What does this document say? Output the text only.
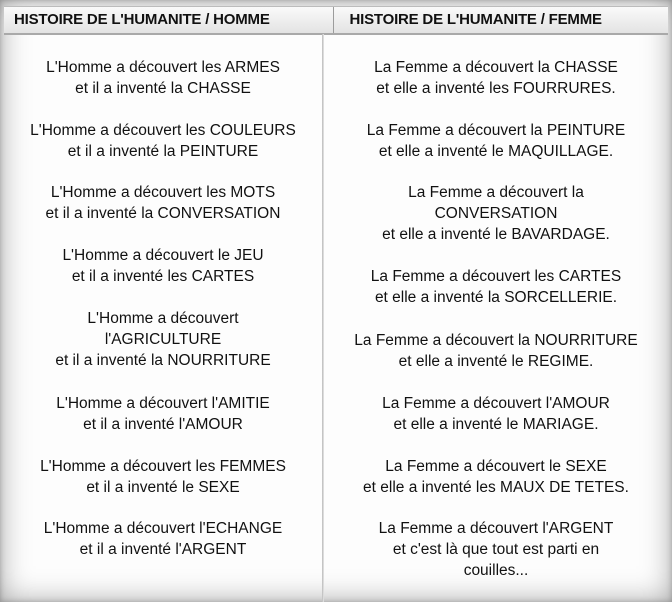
HISTOIRE DE L'HUMANITE / HOMME	HISTOIRE DE L'HUMANITE / FEMME
L'Homme a découvert les ARMES
et il a inventé la CHASSE
L'Homme a découvert les COULEURS
et il a inventé la PEINTURE
L'Homme a découvert les MOTS
et il a inventé la CONVERSATION
L'Homme a découvert le JEU
et il a inventé les CARTES
L'Homme a découvert
l'AGRICULTURE
et il a inventé la NOURRITURE
L'Homme a découvert l'AMITIE
et il a inventé l'AMOUR
L'Homme a découvert les FEMMES
et il a inventé le SEXE
L'Homme a découvert l'ECHANGE
et il a inventé l'ARGENT
La Femme a découvert la CHASSE
et elle a inventé les FOURRURES.
La Femme a découvert la PEINTURE
et elle a inventé le MAQUILLAGE.
La Femme a découvert la
CONVERSATION
et elle a inventé le BAVARDAGE.
La Femme a découvert les CARTES
et elle a inventé la SORCELLERIE.
La Femme a découvert la NOURRITURE
et elle a inventé le REGIME.
La Femme a découvert l'AMOUR
et elle a inventé le MARIAGE.
La Femme a découvert le SEXE
et elle a inventé les MAUX DE TETES.
La Femme a découvert l'ARGENT
et c'est là que tout est parti en
couilles...
